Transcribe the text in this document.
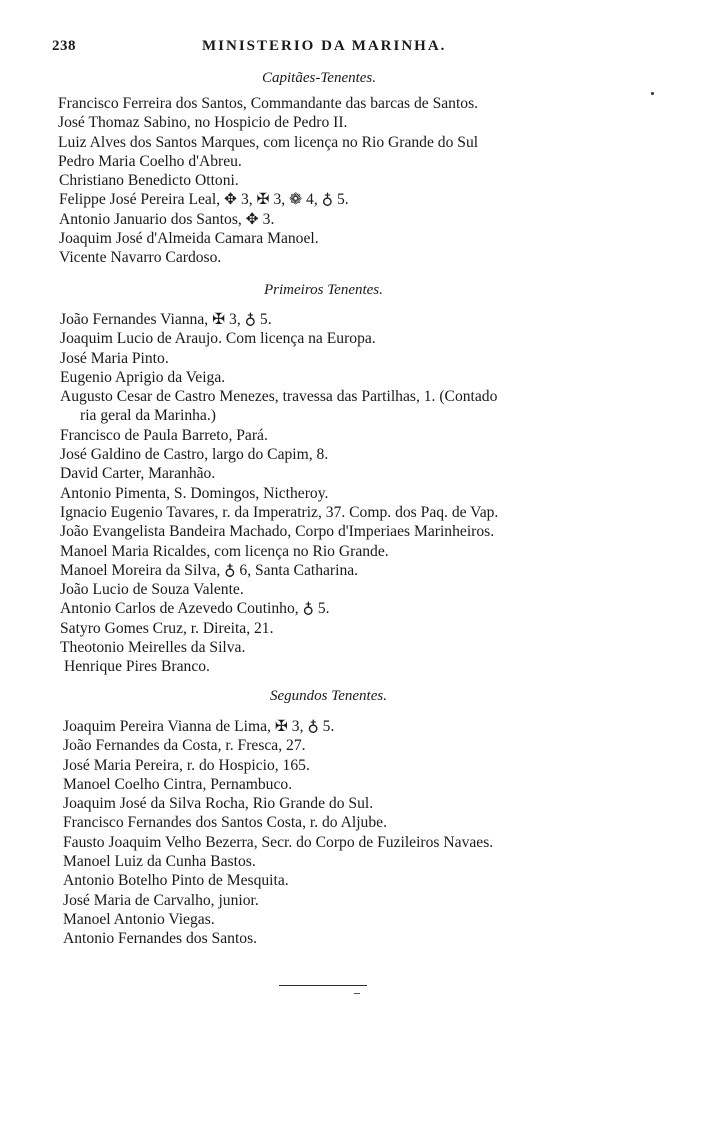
238	MINISTERIO DA MARINHA.
Capitães-Tenentes.
Francisco Ferreira dos Santos, Commandante das barcas de Santos.
José Thomaz Sabino, no Hospicio de Pedro II.
Luiz Alves dos Santos Marques, com licença no Rio Grande do Sul
Pedro Maria Coelho d'Abreu.
Christiano Benedicto Ottoni.
Felippe José Pereira Leal, ✥ 3, ✠ 3, ❁ 4, ♁ 5.
Antonio Januario dos Santos, ✥ 3.
Joaquim José d'Almeida Camara Manoel.
Vicente Navarro Cardoso.
Primeiros Tenentes.
João Fernandes Vianna, ✠ 3, ♁ 5.
Joaquim Lucio de Araujo. Com licença na Europa.
José Maria Pinto.
Eugenio Aprigio da Veiga.
Augusto Cesar de Castro Menezes, travessa das Partilhas, 1. (Contado
ria geral da Marinha.)
Francisco de Paula Barreto, Pará.
José Galdino de Castro, largo do Capim, 8.
David Carter, Maranhão.
Antonio Pimenta, S. Domingos, Nictheroy.
Ignacio Eugenio Tavares, r. da Imperatriz, 37. Comp. dos Paq. de Vap.
João Evangelista Bandeira Machado, Corpo d'Imperiaes Marinheiros.
Manoel Maria Ricaldes, com licença no Rio Grande.
Manoel Moreira da Silva, ♁ 6, Santa Catharina.
João Lucio de Souza Valente.
Antonio Carlos de Azevedo Coutinho, ♁ 5.
Satyro Gomes Cruz, r. Direita, 21.
Theotonio Meirelles da Silva.
Henrique Pires Branco.
Segundos Tenentes.
Joaquim Pereira Vianna de Lima, ✠ 3, ♁ 5.
João Fernandes da Costa, r. Fresca, 27.
José Maria Pereira, r. do Hospicio, 165.
Manoel Coelho Cintra, Pernambuco.
Joaquim José da Silva Rocha, Rio Grande do Sul.
Francisco Fernandes dos Santos Costa, r. do Aljube.
Fausto Joaquim Velho Bezerra, Secr. do Corpo de Fuzileiros Navaes.
Manoel Luiz da Cunha Bastos.
Antonio Botelho Pinto de Mesquita.
José Maria de Carvalho, junior.
Manoel Antonio Viegas.
Antonio Fernandes dos Santos.
